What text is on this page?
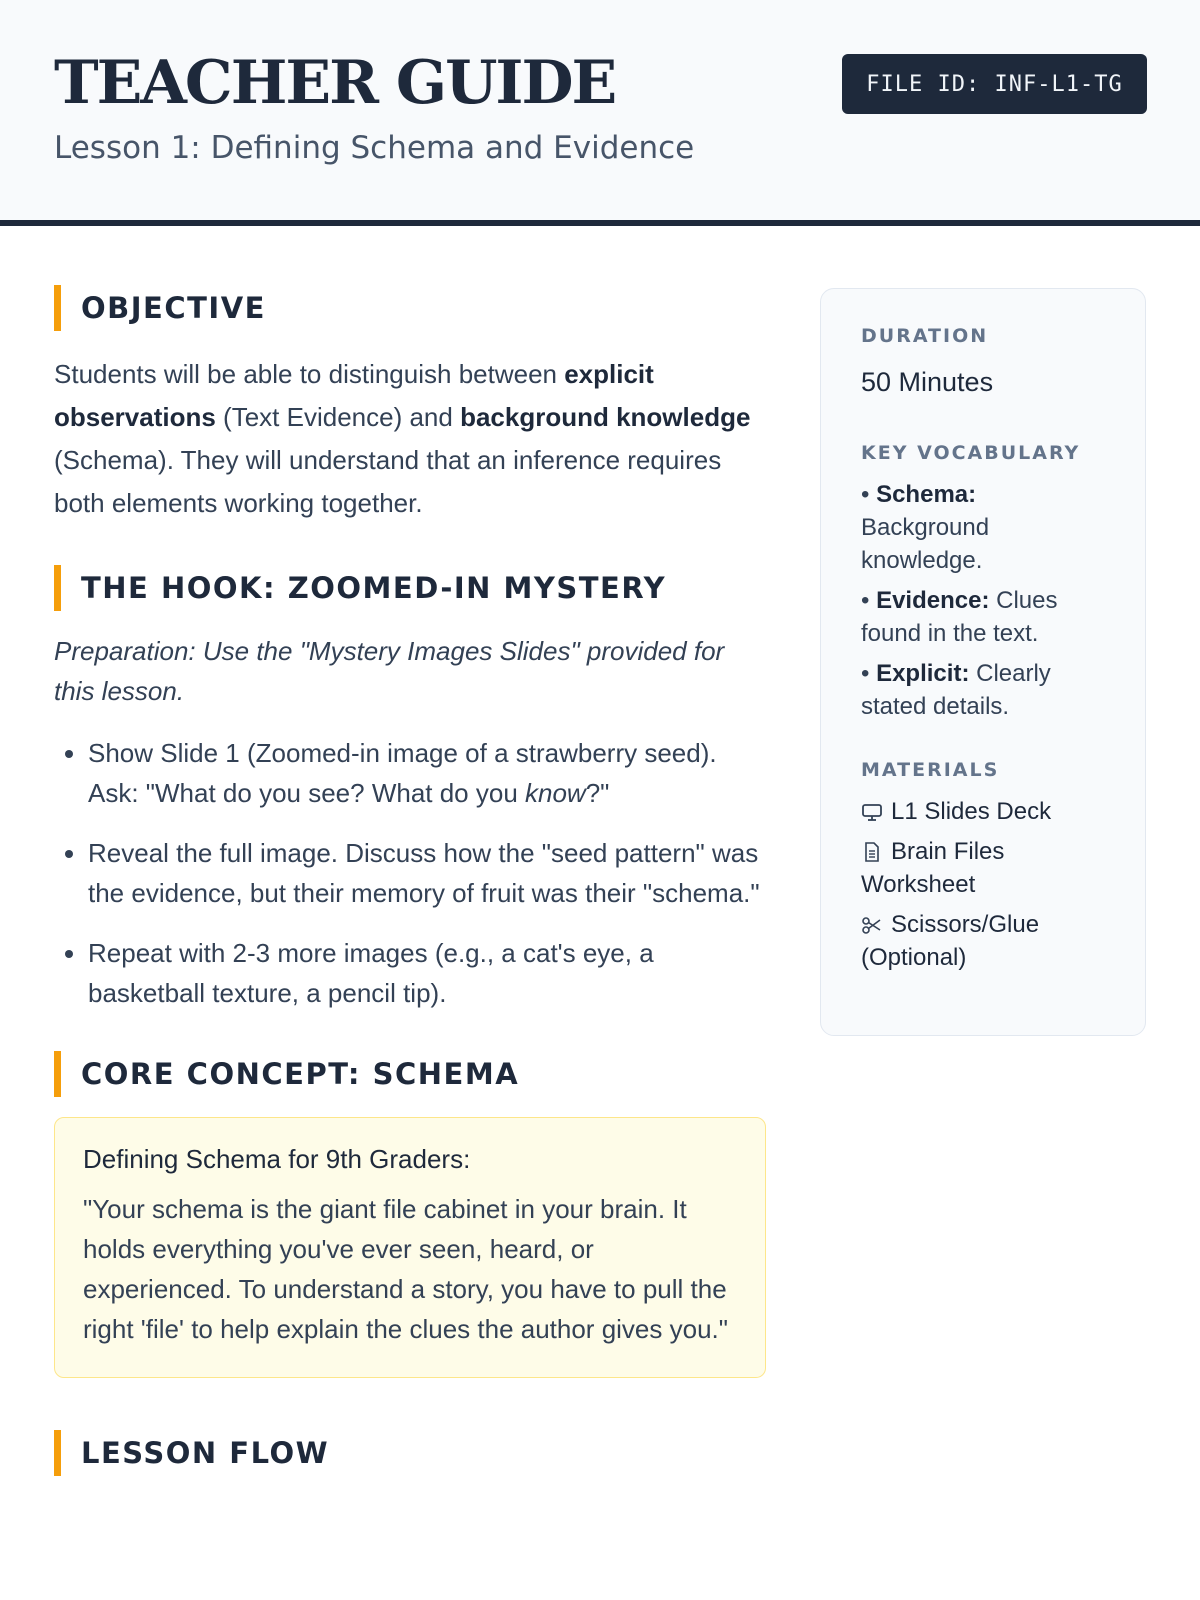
TEACHER GUIDE
Lesson 1: Defining Schema and Evidence
FILE ID: INF-L1-TG
OBJECTIVE

Students will be able to distinguish between explicit observations (Text Evidence) and background knowledge (Schema). They will understand that an inference requires both elements working together.

THE HOOK: ZOOMED-IN MYSTERY

Preparation: Use the "Mystery Images Slides" provided for this lesson.

• Show Slide 1 (Zoomed-in image of a strawberry seed). Ask: "What do you see? What do you know?"
• Reveal the full image. Discuss how the "seed pattern" was the evidence, but their memory of fruit was their "schema."
• Repeat with 2-3 more images (e.g., a cat's eye, a basketball texture, a pencil tip).
CORE CONCEPT: SCHEMA
Defining Schema for 9th Graders:
"Your schema is the giant file cabinet in your brain. It holds everything you've ever seen, heard, or experienced. To understand a story, you have to pull the right 'file' to help explain the clues the author gives you."
LESSON FLOW
DURATION
50 Minutes
KEY VOCABULARY
• Schema: Background knowledge.
• Evidence: Clues found in the text.
• Explicit: Clearly stated details.
MATERIALS
L1 Slides Deck
Brain Files Worksheet
Scissors/Glue (Optional)
